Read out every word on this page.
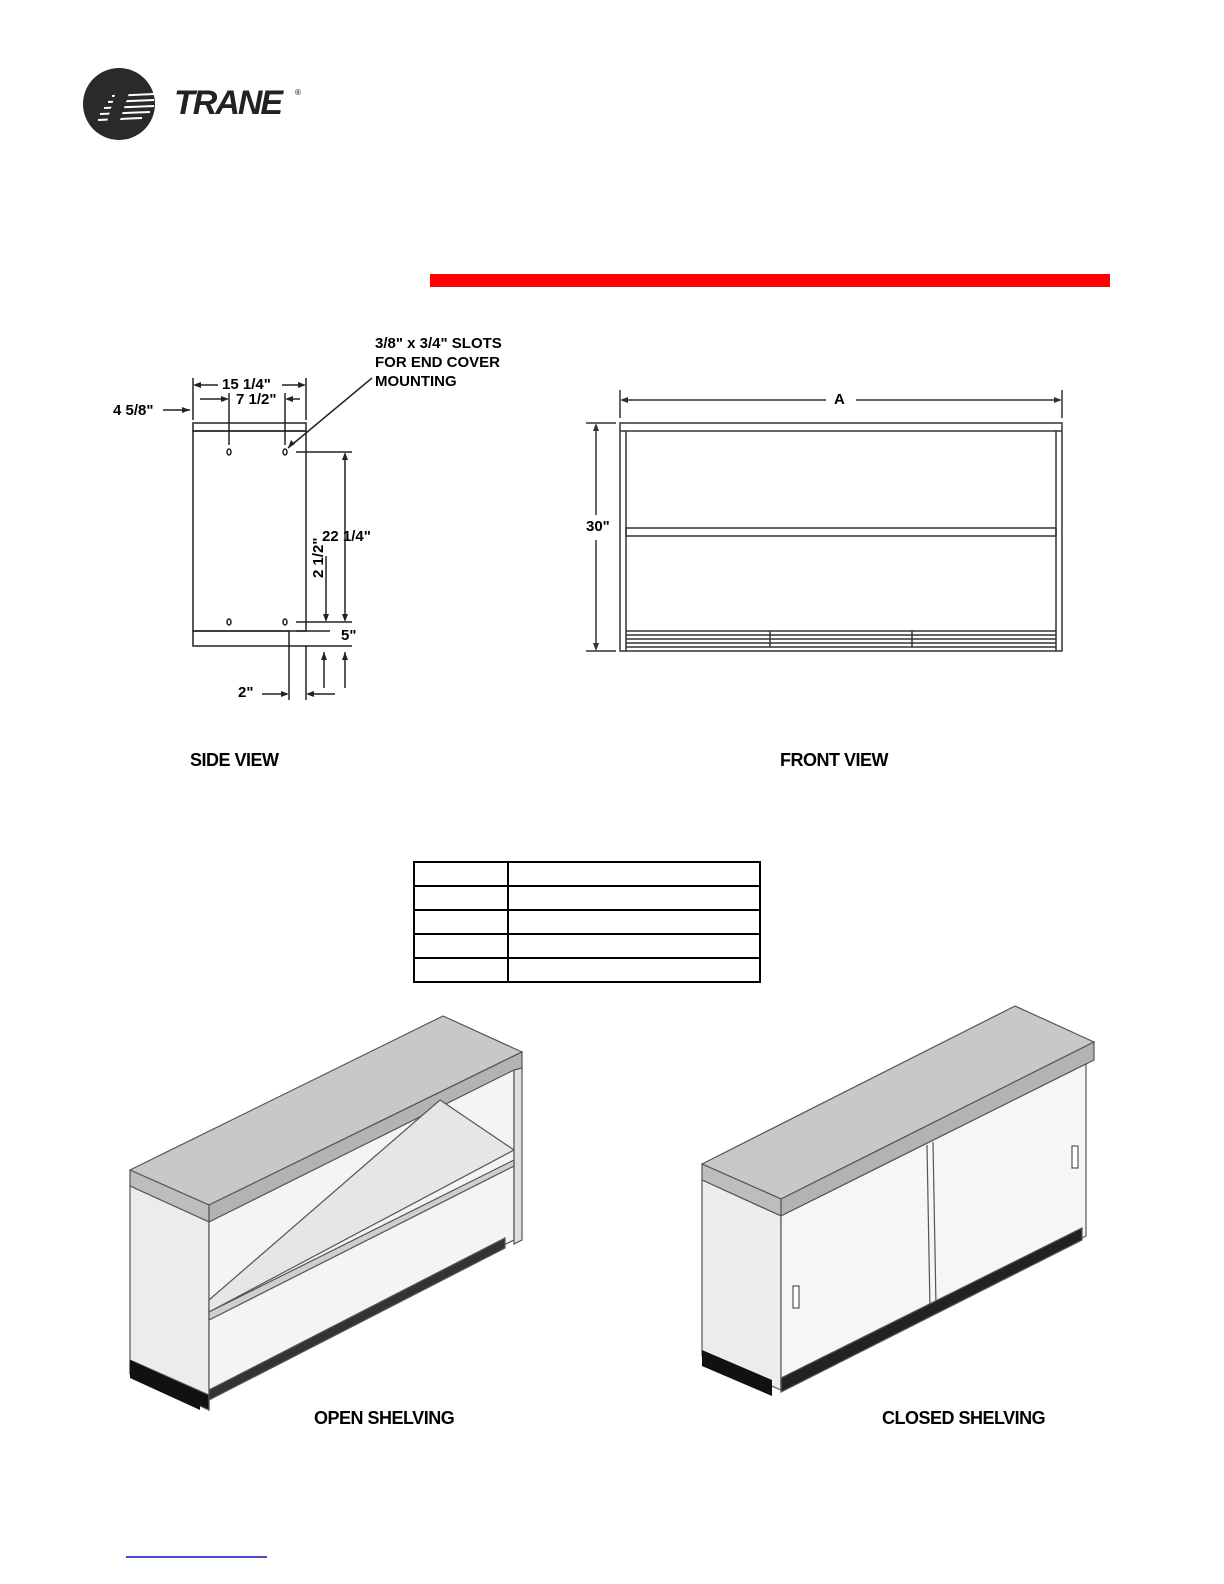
TRANE ®
15 1/4"
7 1/2"
4 5/8"
22 1/4"
2 1/2"
5"
2"
3/8" x 3/4" SLOTS
FOR END COVER
MOUNTING
A
30"
SIDE VIEW	FRONT VIEW

OPEN SHELVING	CLOSED SHELVING
